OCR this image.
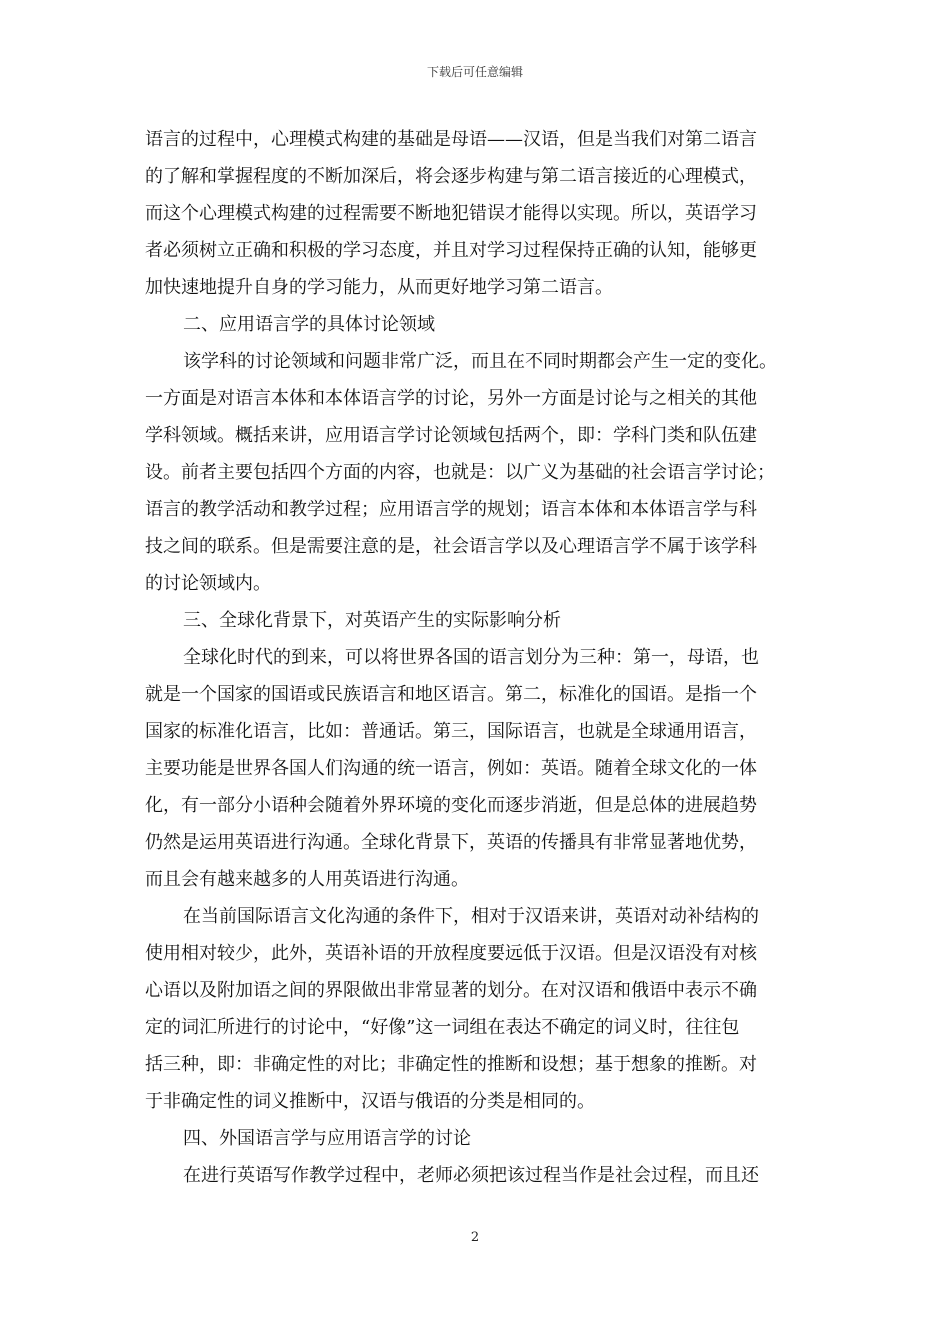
下载后可任意编辑
语言的过程中，心理模式构建的基础是母语——汉语，但是当我们对第二语言
的了解和掌握程度的不断加深后，将会逐步构建与第二语言接近的心理模式，
而这个心理模式构建的过程需要不断地犯错误才能得以实现。所以，英语学习
者必须树立正确和积极的学习态度，并且对学习过程保持正确的认知，能够更
加快速地提升自身的学习能力，从而更好地学习第二语言。
二、应用语言学的具体讨论领域
该学科的讨论领域和问题非常广泛，而且在不同时期都会产生一定的变化。
一方面是对语言本体和本体语言学的讨论，另外一方面是讨论与之相关的其他
学科领域。概括来讲，应用语言学讨论领域包括两个，即：学科门类和队伍建
设。前者主要包括四个方面的内容，也就是：以广义为基础的社会语言学讨论；
语言的教学活动和教学过程；应用语言学的规划；语言本体和本体语言学与科
技之间的联系。但是需要注意的是，社会语言学以及心理语言学不属于该学科
的讨论领域内。
三、全球化背景下，对英语产生的实际影响分析
全球化时代的到来，可以将世界各国的语言划分为三种：第一，母语，也
就是一个国家的国语或民族语言和地区语言。第二，标准化的国语。是指一个
国家的标准化语言，比如：普通话。第三，国际语言，也就是全球通用语言，
主要功能是世界各国人们沟通的统一语言，例如：英语。随着全球文化的一体
化，有一部分小语种会随着外界环境的变化而逐步消逝，但是总体的进展趋势
仍然是运用英语进行沟通。全球化背景下，英语的传播具有非常显著地优势，
而且会有越来越多的人用英语进行沟通。
在当前国际语言文化沟通的条件下，相对于汉语来讲，英语对动补结构的
使用相对较少，此外，英语补语的开放程度要远低于汉语。但是汉语没有对核
心语以及附加语之间的界限做出非常显著的划分。在对汉语和俄语中表示不确
定的词汇所进行的讨论中，“好像”这一词组在表达不确定的词义时，往往包
括三种，即：非确定性的对比；非确定性的推断和设想；基于想象的推断。对
于非确定性的词义推断中，汉语与俄语的分类是相同的。
四、外国语言学与应用语言学的讨论
在进行英语写作教学过程中，老师必须把该过程当作是社会过程，而且还
2
